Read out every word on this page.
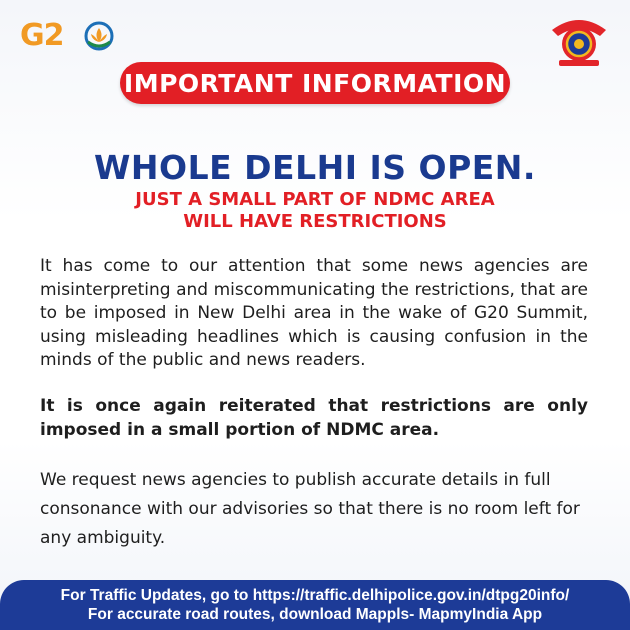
G2
IMPORTANT INFORMATION
WHOLE DELHI IS OPEN.
JUST A SMALL PART OF NDMC AREA
WILL HAVE RESTRICTIONS

It has come to our attention that some news agencies are misinterpreting and miscommunicating the restrictions, that are to be imposed in New Delhi area in the wake of G20 Summit, using misleading headlines which is causing confusion in the minds of the public and news readers.

It is once again reiterated that restrictions are only imposed in a small portion of NDMC area.

We request news agencies to publish accurate details in full consonance with our advisories so that there is no room left for any ambiguity.

For Traffic Updates, go to https://traffic.delhipolice.gov.in/dtpg20info/
For accurate road routes, download Mappls- MapmyIndia App
